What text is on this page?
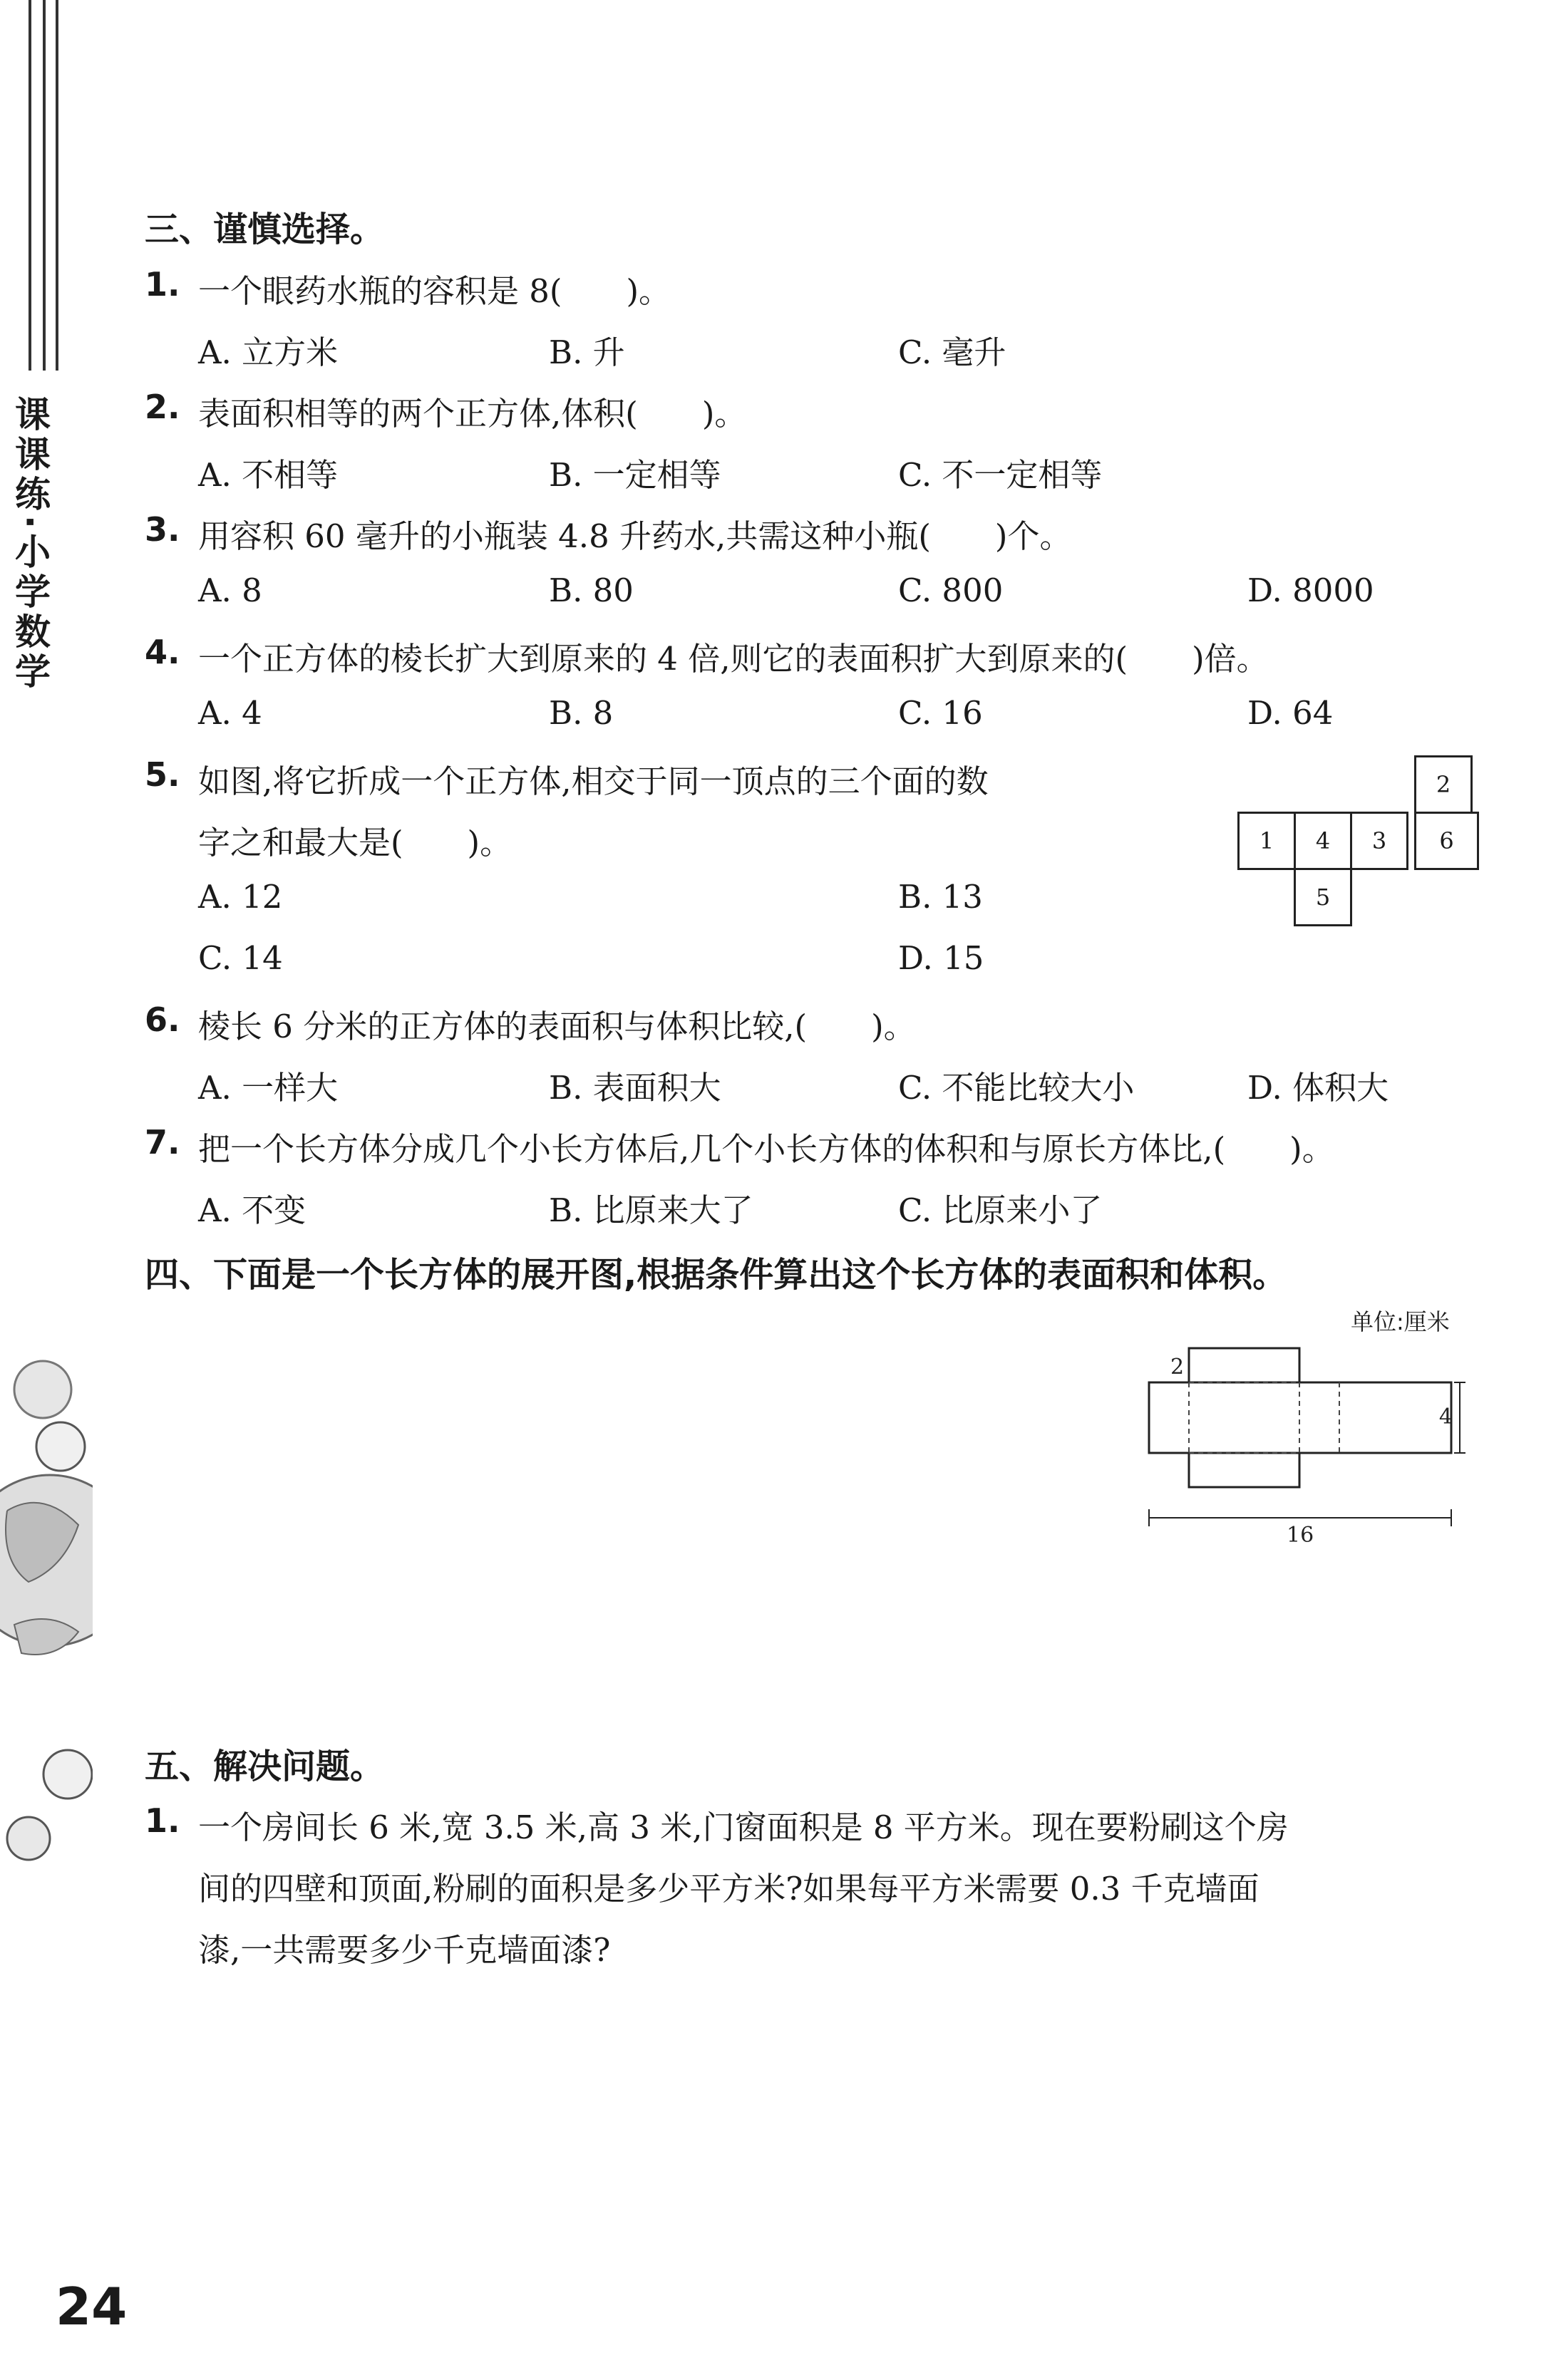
课课练·小学数学
三、谨慎选择。
1. 一个眼药水瓶的容积是 8(　　)。
A. 立方米	B. 升	C. 毫升
2. 表面积相等的两个正方体,体积(　　)。
A. 不相等	B. 一定相等	C. 不一定相等
3. 用容积 60 毫升的小瓶装 4.8 升药水,共需这种小瓶(　　)个。
A. 8	B. 80	C. 800	D. 8000
4. 一个正方体的棱长扩大到原来的 4 倍,则它的表面积扩大到原来的(　　)倍。
A. 4	B. 8	C. 16	D. 64
5. 如图,将它折成一个正方体,相交于同一顶点的三个面的数
字之和最大是(　　)。
A. 12	B. 13
C. 14	D. 15
2
1	4	3	6
5
6. 棱长 6 分米的正方体的表面积与体积比较,(　　)。
A. 一样大	B. 表面积大	C. 不能比较大小	D. 体积大
7. 把一个长方体分成几个小长方体后,几个小长方体的体积和与原长方体比,(　　)。
A. 不变	B. 比原来大了	C. 比原来小了
四、下面是一个长方体的展开图,根据条件算出这个长方体的表面积和体积。
单位:厘米
2
4
16
五、解决问题。
1. 一个房间长 6 米,宽 3.5 米,高 3 米,门窗面积是 8 平方米。现在要粉刷这个房
间的四壁和顶面,粉刷的面积是多少平方米?如果每平方米需要 0.3 千克墙面
漆,一共需要多少千克墙面漆?
24
